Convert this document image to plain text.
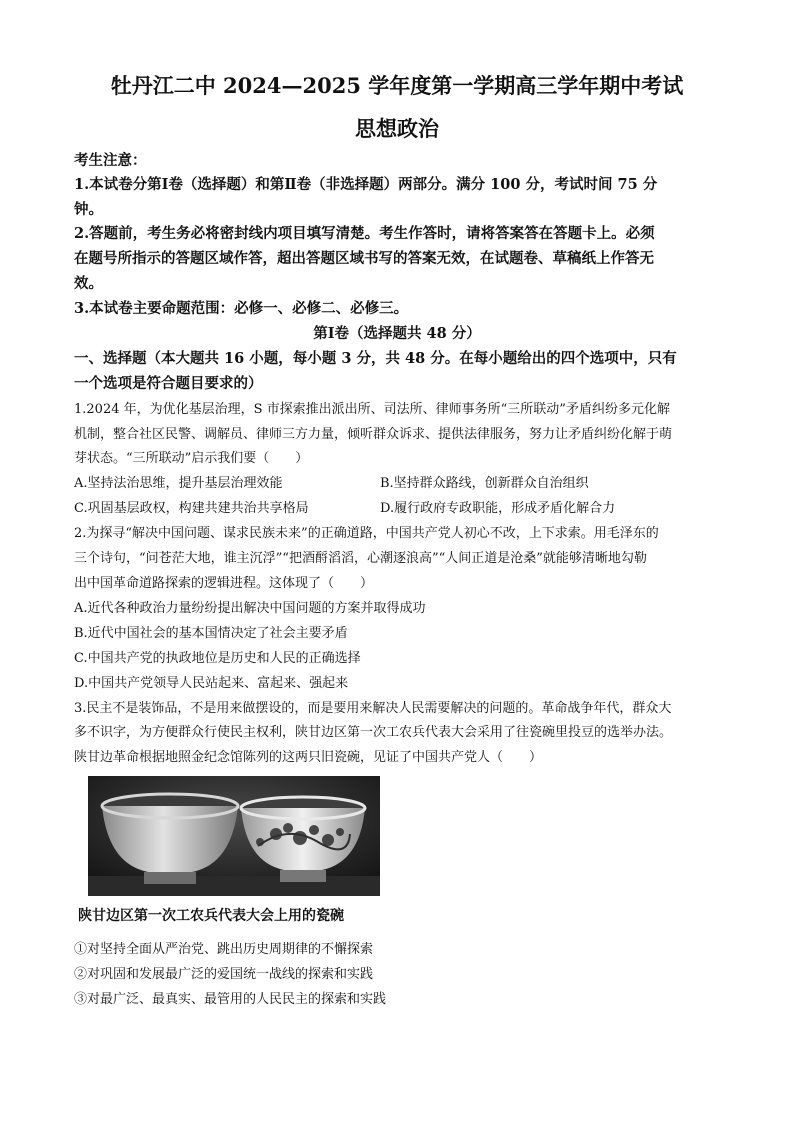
牡丹江二中 2024—2025 学年度第一学期高三学年期中考试
思想政治
考生注意：
1.本试卷分第Ⅰ卷（选择题）和第Ⅱ卷（非选择题）两部分。满分 100 分，考试时间 75 分
钟。
2.答题前，考生务必将密封线内项目填写清楚。考生作答时，请将答案答在答题卡上。必须
在题号所指示的答题区域作答，超出答题区域书写的答案无效，在试题卷、草稿纸上作答无
效。
3.本试卷主要命题范围：必修一、必修二、必修三。
第Ⅰ卷（选择题共 48 分）
一、选择题（本大题共 16 小题，每小题 3 分，共 48 分。在每小题给出的四个选项中，只有
一个选项是符合题目要求的）
1.2024 年，为优化基层治理，S 市探索推出派出所、司法所、律师事务所“三所联动”矛盾纠纷多元化解
机制，整合社区民警、调解员、律师三方力量，倾听群众诉求、提供法律服务，努力让矛盾纠纷化解于萌
芽状态。“三所联动”启示我们要（　　）
A.坚持法治思维，提升基层治理效能	B.坚持群众路线，创新群众自治组织
C.巩固基层政权，构建共建共治共享格局	D.履行政府专政职能，形成矛盾化解合力
2.为探寻“解决中国问题、谋求民族未来”的正确道路，中国共产党人初心不改，上下求索。用毛泽东的
三个诗句，“问苍茫大地，谁主沉浮”“把酒酹滔滔，心潮逐浪高”“人间正道是沧桑”就能够清晰地勾勒
出中国革命道路探索的逻辑进程。这体现了（　　）
A.近代各种政治力量纷纷提出解决中国问题的方案并取得成功
B.近代中国社会的基本国情决定了社会主要矛盾
C.中国共产党的执政地位是历史和人民的正确选择
D.中国共产党领导人民站起来、富起来、强起来
3.民主不是装饰品，不是用来做摆设的，而是要用来解决人民需要解决的问题的。革命战争年代，群众大
多不识字，为方便群众行使民主权利，陕甘边区第一次工农兵代表大会采用了往瓷碗里投豆的选举办法。
陕甘边革命根据地照金纪念馆陈列的这两只旧瓷碗，见证了中国共产党人（　　）
陕甘边区第一次工农兵代表大会上用的瓷碗
①对坚持全面从严治党、跳出历史周期律的不懈探索
②对巩固和发展最广泛的爱国统一战线的探索和实践
③对最广泛、最真实、最管用的人民民主的探索和实践
